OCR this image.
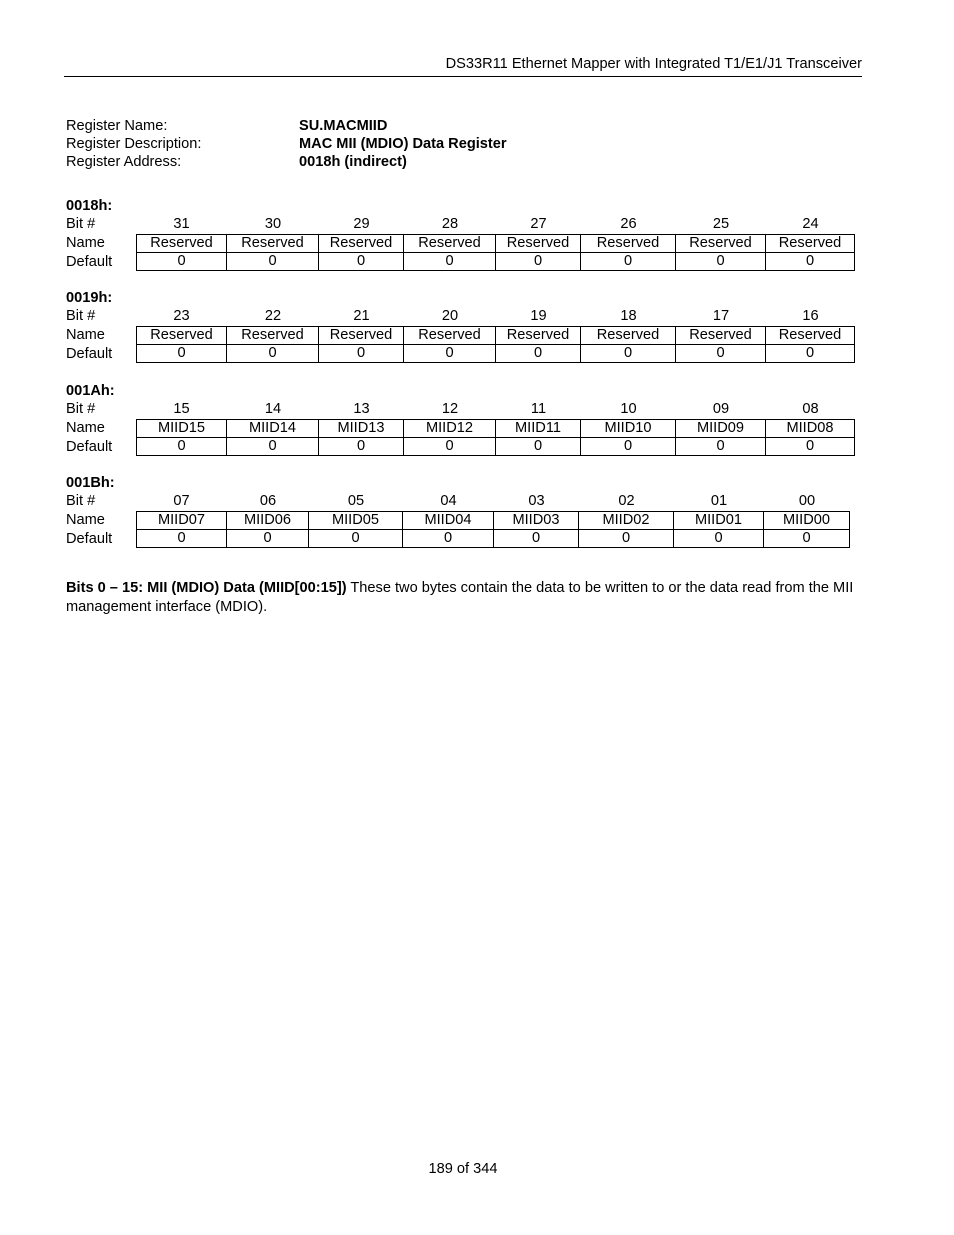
DS33R11 Ethernet Mapper with Integrated T1/E1/J1 Transceiver
Register Name:	SU.MACMIID
Register Description:	MAC MII (MDIO) Data Register
Register Address:	0018h (indirect)
0018h:
Bit #	31	30	29	28	27	26	25	24
Name	Reserved	Reserved	Reserved	Reserved	Reserved	Reserved	Reserved	Reserved
Default	0	0	0	0	0	0	0	0
0019h:
Bit #	23	22	21	20	19	18	17	16
Name	Reserved	Reserved	Reserved	Reserved	Reserved	Reserved	Reserved	Reserved
Default	0	0	0	0	0	0	0	0
001Ah:
Bit #	15	14	13	12	11	10	09	08
Name	MIID15	MIID14	MIID13	MIID12	MIID11	MIID10	MIID09	MIID08
Default	0	0	0	0	0	0	0	0
001Bh:
Bit #	07	06	05	04	03	02	01	00
Name	MIID07	MIID06	MIID05	MIID04	MIID03	MIID02	MIID01	MIID00
Default	0	0	0	0	0	0	0	0
Bits 0 – 15: MII (MDIO) Data (MIID[00:15]) These two bytes contain the data to be written to or the data read from the MII management interface (MDIO).
189 of 344
